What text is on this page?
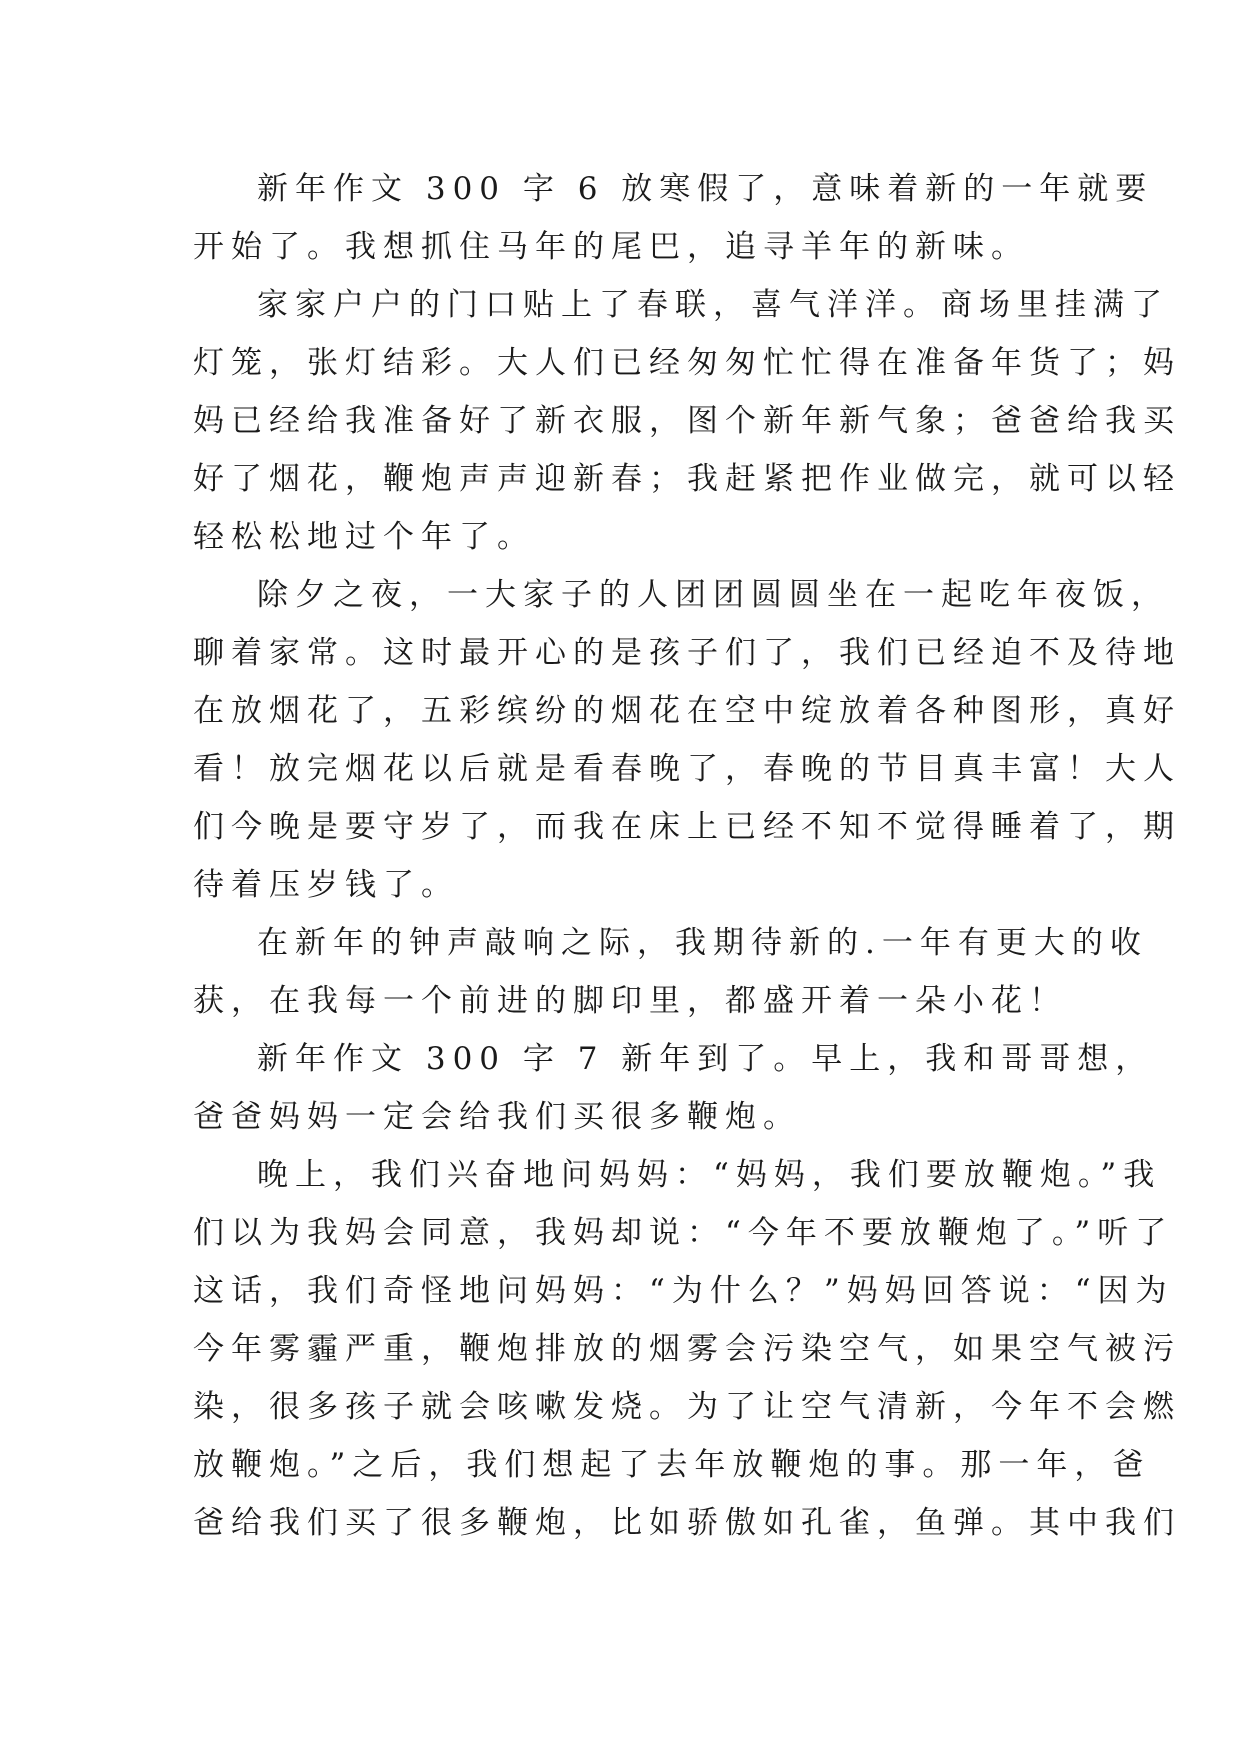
新年作文 300 字 6 放寒假了，意味着新的一年就要
开始了。我想抓住马年的尾巴，追寻羊年的新味。
家家户户的门口贴上了春联，喜气洋洋。商场里挂满了
灯笼，张灯结彩。大人们已经匆匆忙忙得在准备年货了；妈
妈已经给我准备好了新衣服，图个新年新气象；爸爸给我买
好了烟花，鞭炮声声迎新春；我赶紧把作业做完，就可以轻
轻松松地过个年了。
除夕之夜，一大家子的人团团圆圆坐在一起吃年夜饭，
聊着家常。这时最开心的是孩子们了，我们已经迫不及待地
在放烟花了，五彩缤纷的烟花在空中绽放着各种图形，真好
看！放完烟花以后就是看春晚了，春晚的节目真丰富！大人
们今晚是要守岁了，而我在床上已经不知不觉得睡着了，期
待着压岁钱了。
在新年的钟声敲响之际，我期待新的.一年有更大的收
获，在我每一个前进的脚印里，都盛开着一朵小花！
新年作文 300 字 7 新年到了。早上，我和哥哥想，
爸爸妈妈一定会给我们买很多鞭炮。
晚上，我们兴奋地问妈妈：“妈妈，我们要放鞭炮。”我
们以为我妈会同意，我妈却说：“今年不要放鞭炮了。”听了
这话，我们奇怪地问妈妈：“为什么？”妈妈回答说：“因为
今年雾霾严重，鞭炮排放的烟雾会污染空气，如果空气被污
染，很多孩子就会咳嗽发烧。为了让空气清新，今年不会燃
放鞭炮。”之后，我们想起了去年放鞭炮的事。那一年，爸
爸给我们买了很多鞭炮，比如骄傲如孔雀，鱼弹。其中我们
